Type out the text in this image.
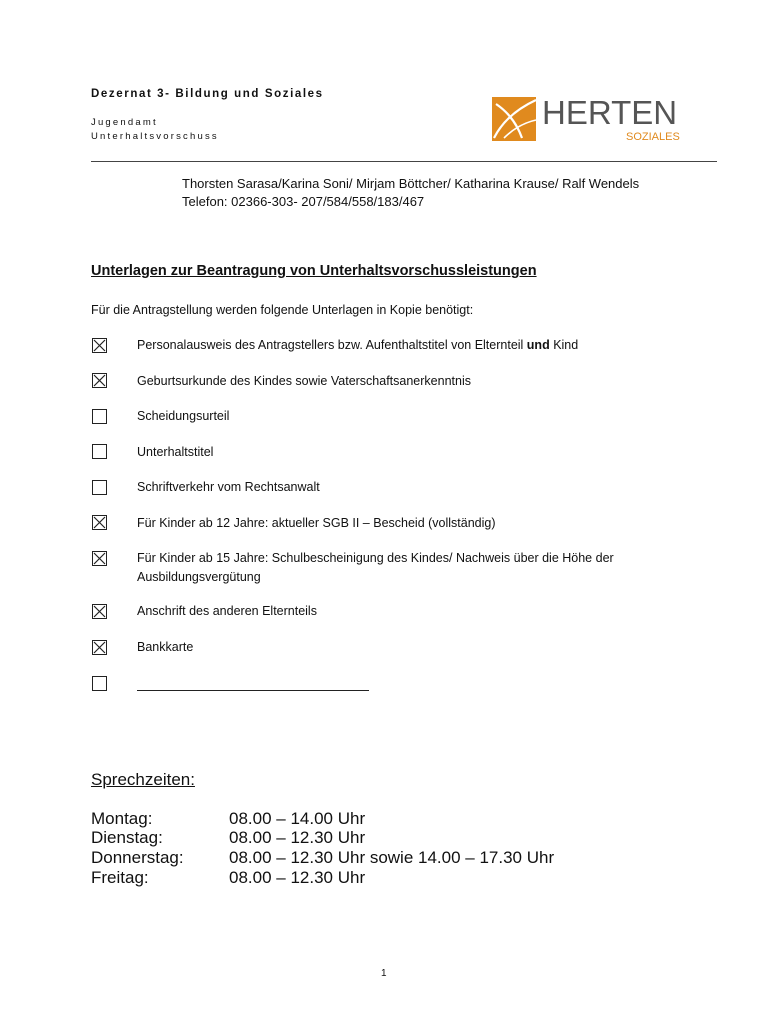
Dezernat 3- Bildung und Soziales
Jugendamt
Unterhaltsvorschuss
HERTEN
SOZIALES
Thorsten Sarasa/Karina Soni/ Mirjam Böttcher/ Katharina Krause/ Ralf Wendels
Telefon: 02366-303- 207/584/558/183/467
Unterlagen zur Beantragung von Unterhaltsvorschussleistungen
Für die Antragstellung werden folgende Unterlagen in Kopie benötigt:
Personalausweis des Antragstellers bzw. Aufenthaltstitel von Elternteil und Kind
Geburtsurkunde des Kindes sowie Vaterschaftsanerkenntnis
Scheidungsurteil
Unterhaltstitel
Schriftverkehr vom Rechtsanwalt
Für Kinder ab 12 Jahre: aktueller SGB II – Bescheid (vollständig)
Für Kinder ab 15 Jahre: Schulbescheinigung des Kindes/ Nachweis über die Höhe der
Ausbildungsvergütung
Anschrift des anderen Elternteils
Bankkarte
Sprechzeiten:
Montag:	08.00 – 14.00 Uhr
Dienstag:	08.00 – 12.30 Uhr
Donnerstag:	08.00 – 12.30 Uhr sowie 14.00 – 17.30 Uhr
Freitag:	08.00 – 12.30 Uhr
1
